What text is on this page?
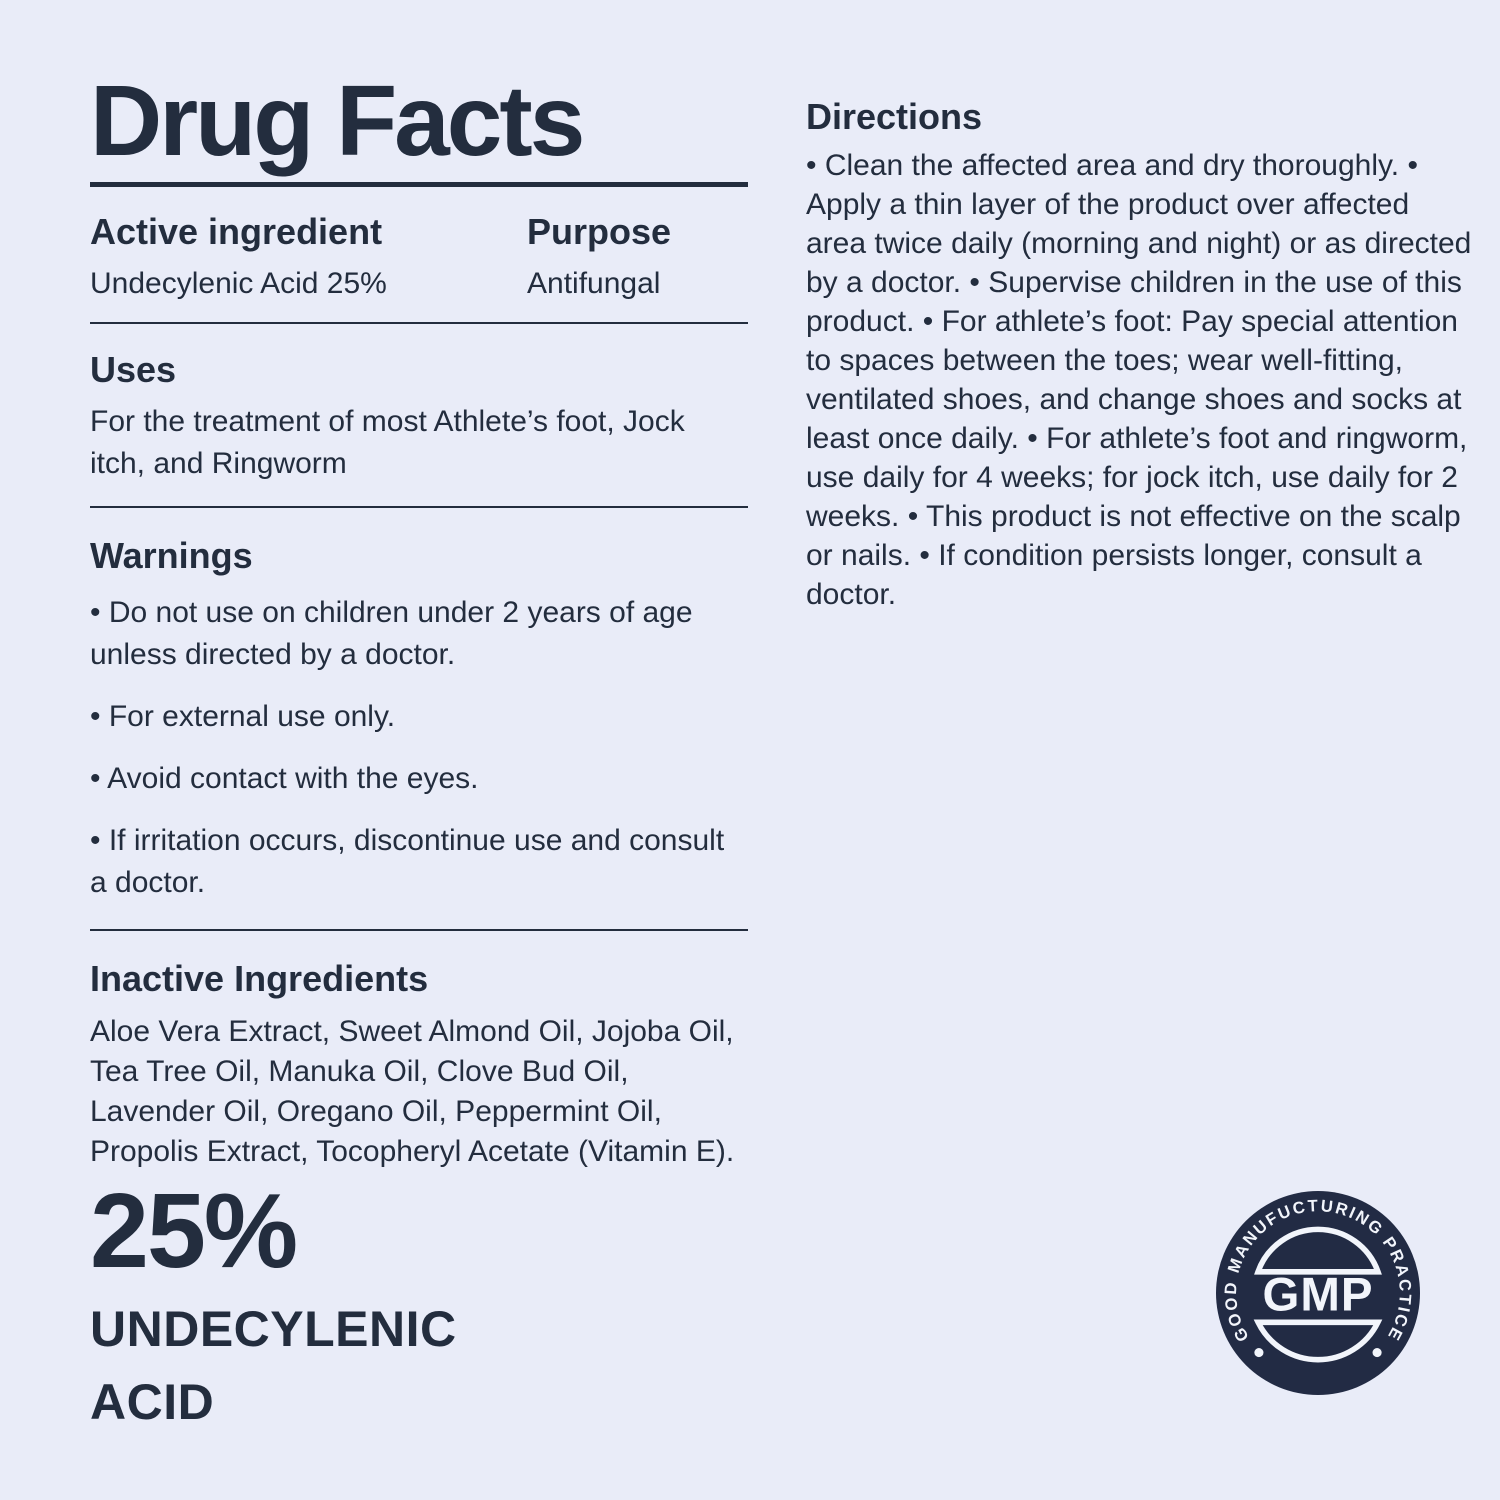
Drug Facts
Active ingredient	Purpose
Undecylenic Acid 25%	Antifungal
Uses

For the treatment of most Athlete’s foot, Jock itch, and Ringworm

Warnings

• Do not use on children under 2 years of age unless directed by a doctor.

• For external use only.

• Avoid contact with the eyes.

• If irritation occurs, discontinue use and consult a doctor.

Inactive Ingredients

Aloe Vera Extract, Sweet Almond Oil, Jojoba Oil, Tea Tree Oil, Manuka Oil, Clove Bud Oil, Lavender Oil, Oregano Oil, Peppermint Oil, Propolis Extract, Tocopheryl Acetate (Vitamin E).

Directions

• Clean the affected area and dry thoroughly. • Apply a thin layer of the product over affected area twice daily (morning and night) or as directed by a doctor. • Supervise children in the use of this product. • For athlete’s foot: Pay special attention to spaces between the toes; wear well-fitting, ventilated shoes, and change shoes and socks at least once daily. • For athlete’s foot and ringworm, use daily for 4 weeks; for jock itch, use daily for 2 weeks. • This product is not effective on the scalp or nails. • If condition persists longer, consult a doctor.

25%
UNDECYLENIC
ACID
GOOD MANUFUCTURING PRACTICE
GMP
